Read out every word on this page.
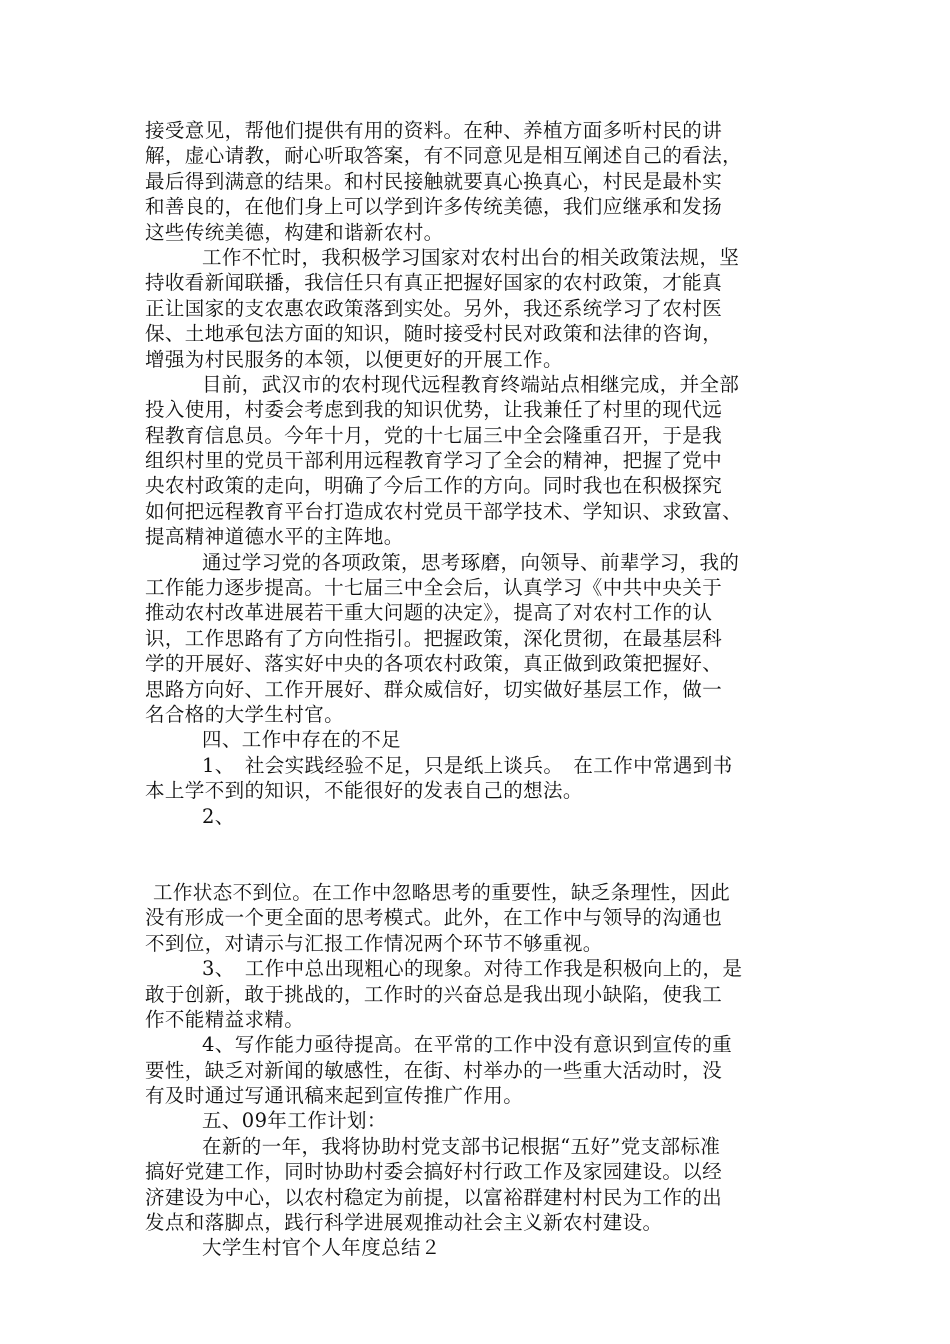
接受意见，帮他们提供有用的资料。在种、养植方面多听村民的讲
解，虚心请教，耐心听取答案，有不同意见是相互阐述自己的看法，
最后得到满意的结果。和村民接触就要真心换真心，村民是最朴实
和善良的，在他们身上可以学到许多传统美德，我们应继承和发扬
这些传统美德，构建和谐新农村。
工作不忙时，我积极学习国家对农村出台的相关政策法规，坚
持收看新闻联播，我信任只有真正把握好国家的农村政策，才能真
正让国家的支农惠农政策落到实处。另外，我还系统学习了农村医
保、土地承包法方面的知识，随时接受村民对政策和法律的咨询，
增强为村民服务的本领，以便更好的开展工作。
目前，武汉市的农村现代远程教育终端站点相继完成，并全部
投入使用，村委会考虑到我的知识优势，让我兼任了村里的现代远
程教育信息员。今年十月，党的十七届三中全会隆重召开，于是我
组织村里的党员干部利用远程教育学习了全会的精神，把握了党中
央农村政策的走向，明确了今后工作的方向。同时我也在积极探究
如何把远程教育平台打造成农村党员干部学技术、学知识、求致富、
提高精神道德水平的主阵地。
通过学习党的各项政策，思考琢磨，向领导、前辈学习，我的
工作能力逐步提高。十七届三中全会后，认真学习《中共中央关于
推动农村改革进展若干重大问题的决定》，提高了对农村工作的认
识，工作思路有了方向性指引。把握政策，深化贯彻，在最基层科
学的开展好、落实好中央的各项农村政策，真正做到政策把握好、
思路方向好、工作开展好、群众威信好，切实做好基层工作，做一
名合格的大学生村官。
四、工作中存在的不足
1、　社会实践经验不足，只是纸上谈兵。　在工作中常遇到书
本上学不到的知识，不能很好的发表自己的想法。
2、
工作状态不到位。在工作中忽略思考的重要性，缺乏条理性，因此
没有形成一个更全面的思考模式。此外，在工作中与领导的沟通也
不到位，对请示与汇报工作情况两个环节不够重视。
3、　工作中总出现粗心的现象。对待工作我是积极向上的，是
敢于创新，敢于挑战的，工作时的兴奋总是我出现小缺陷，使我工
作不能精益求精。
4、写作能力亟待提高。在平常的工作中没有意识到宣传的重
要性，缺乏对新闻的敏感性，在街、村举办的一些重大活动时，没
有及时通过写通讯稿来起到宣传推广作用。
五、09年工作计划：
在新的一年，我将协助村党支部书记根据“五好”党支部标准
搞好党建工作，同时协助村委会搞好村行政工作及家园建设。以经
济建设为中心，以农村稳定为前提，以富裕群建村村民为工作的出
发点和落脚点，践行科学进展观推动社会主义新农村建设。
大学生村官个人年度总结２
